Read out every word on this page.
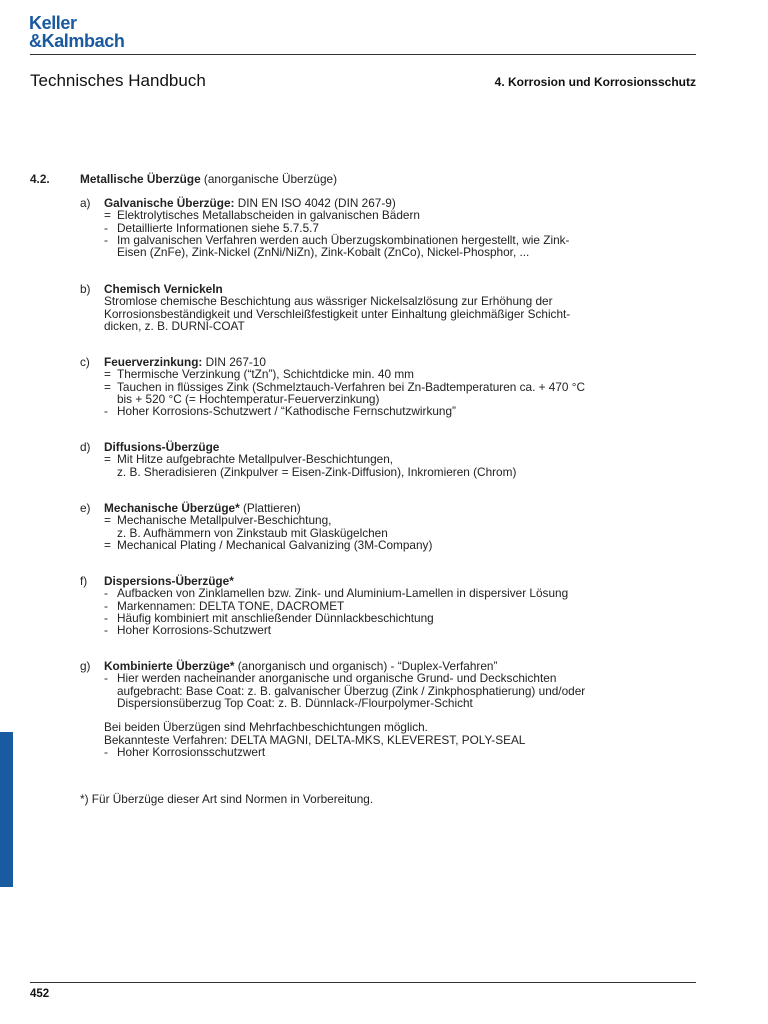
Keller
&Kalmbach
Technisches Handbuch	4. Korrosion und Korrosionsschutz
4.2.	Metallische Überzüge (anorganische Überzüge)
a) Galvanische Überzüge: DIN EN ISO 4042 (DIN 267-9)
= Elektrolytisches Metallabscheiden in galvanischen Bädern
- Detaillierte Informationen siehe 5.7.5.7
- Im galvanischen Verfahren werden auch Überzugskombinationen hergestellt, wie Zink-
Eisen (ZnFe), Zink-Nickel (ZnNi/NiZn), Zink-Kobalt (ZnCo), Nickel-Phosphor, ...
b) Chemisch Vernickeln
Stromlose chemische Beschichtung aus wässriger Nickelsalzlösung zur Erhöhung der
Korrosionsbeständigkeit und Verschleißfestigkeit unter Einhaltung gleichmäßiger Schicht-
dicken, z. B. DURNI-COAT
c) Feuerverzinkung: DIN 267-10
= Thermische Verzinkung (“tZn”), Schichtdicke min. 40 mm
= Tauchen in flüssiges Zink (Schmelztauch-Verfahren bei Zn-Badtemperaturen ca. + 470 °C
bis + 520 °C (= Hochtemperatur-Feuerverzinkung)
- Hoher Korrosions-Schutzwert / “Kathodische Fernschutzwirkung”
d) Diffusions-Überzüge
= Mit Hitze aufgebrachte Metallpulver-Beschichtungen,
z. B. Sheradisieren (Zinkpulver = Eisen-Zink-Diffusion), Inkromieren (Chrom)
e) Mechanische Überzüge* (Plattieren)
= Mechanische Metallpulver-Beschichtung,
z. B. Aufhämmern von Zinkstaub mit Glaskügelchen
= Mechanical Plating / Mechanical Galvanizing (3M-Company)
f) Dispersions-Überzüge*
- Aufbacken von Zinklamellen bzw. Zink- und Aluminium-Lamellen in dispersiver Lösung
- Markennamen: DELTA TONE, DACROMET
- Häufig kombiniert mit anschließender Dünnlackbeschichtung
- Hoher Korrosions-Schutzwert
g) Kombinierte Überzüge* (anorganisch und organisch) - “Duplex-Verfahren”
- Hier werden nacheinander anorganische und organische Grund- und Deckschichten
aufgebracht: Base Coat: z. B. galvanischer Überzug (Zink / Zinkphosphatierung) und/oder
Dispersionsüberzug Top Coat: z. B. Dünnlack-/Flourpolymer-Schicht
Bei beiden Überzügen sind Mehrfachbeschichtungen möglich.
Bekannteste Verfahren: DELTA MAGNI, DELTA-MKS, KLEVEREST, POLY-SEAL
- Hoher Korrosionsschutzwert
*) Für Überzüge dieser Art sind Normen in Vorbereitung.
452
